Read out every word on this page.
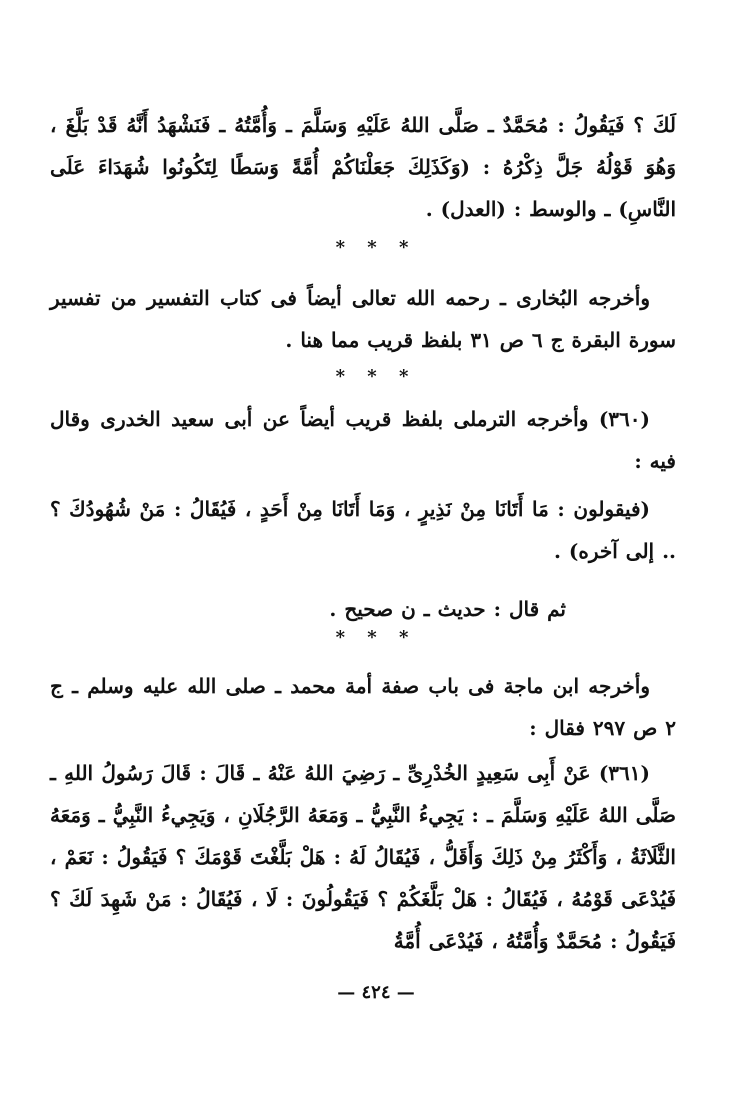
لَكَ ؟ فَيَقُولُ : مُحَمَّدٌ ـ صَلَّى اللهُ عَلَيْهِ وَسَلَّمَ ـ وَأُمَّتُهُ ـ فَنَشْهَدُ أَنَّهُ قَدْ بَلَّغَ ، وَهُوَ قَوْلُهُ جَلَّ ذِكْرُهُ : (وَكَذَلِكَ جَعَلْنَاكُمْ أُمَّةً وَسَطًا لِتَكُونُوا شُهَدَاءَ عَلَى النَّاسِ) ـ والوسط : (العدل) .

* * *

وأخرجه البُخارى ـ رحمه الله تعالى أيضاً فى كتاب التفسير من تفسير سورة البقرة ج ٦ ص ٣١ بلفظ قريب مما هنا .

* * *

(٣٦٠) وأخرجه الترملى بلفظ قريب أيضاً عن أبى سعيد الخدرى وقال فيه :

(فيقولون : مَا أَتَانَا مِنْ نَذِيرٍ ، وَمَا أَتَانَا مِنْ أَحَدٍ ، فَيُقَالُ : مَنْ شُهُودُكَ ؟ .. إلى آخره) .

ثم قال : حديث ـ ن صحيح .

* * *

وأخرجه ابن ماجة فى باب صفة أمة محمد ـ صلى الله عليه وسلم ـ ج ٢ ص ٢٩٧ فقال :

(٣٦١) عَنْ أَبِى سَعِيدٍ الخُدْرِىِّ ـ رَضِيَ اللهُ عَنْهُ ـ قَالَ : قَالَ رَسُولُ اللهِ ـ صَلَّى اللهُ عَلَيْهِ وَسَلَّمَ ـ : يَجِيءُ النَّبِيُّ ـ وَمَعَهُ الرَّجُلَانِ ، وَيَجِيءُ النَّبِيُّ ـ وَمَعَهُ الثَّلَاثَةُ ، وَأَكْثَرُ مِنْ ذَلِكَ وَأَقَلُّ ، فَيُقَالُ لَهُ : هَلْ بَلَّغْتَ قَوْمَكَ ؟ فَيَقُولُ : نَعَمْ ، فَيُدْعَى قَوْمُهُ ، فَيُقَالُ : هَلْ بَلَّغَكُمْ ؟ فَيَقُولُونَ : لَا ، فَيُقَالُ : مَنْ شَهِدَ لَكَ ؟ فَيَقُولُ : مُحَمَّدٌ وَأُمَّتُهُ ، فَيُدْعَى أُمَّةُ

— ٤٢٤ —
